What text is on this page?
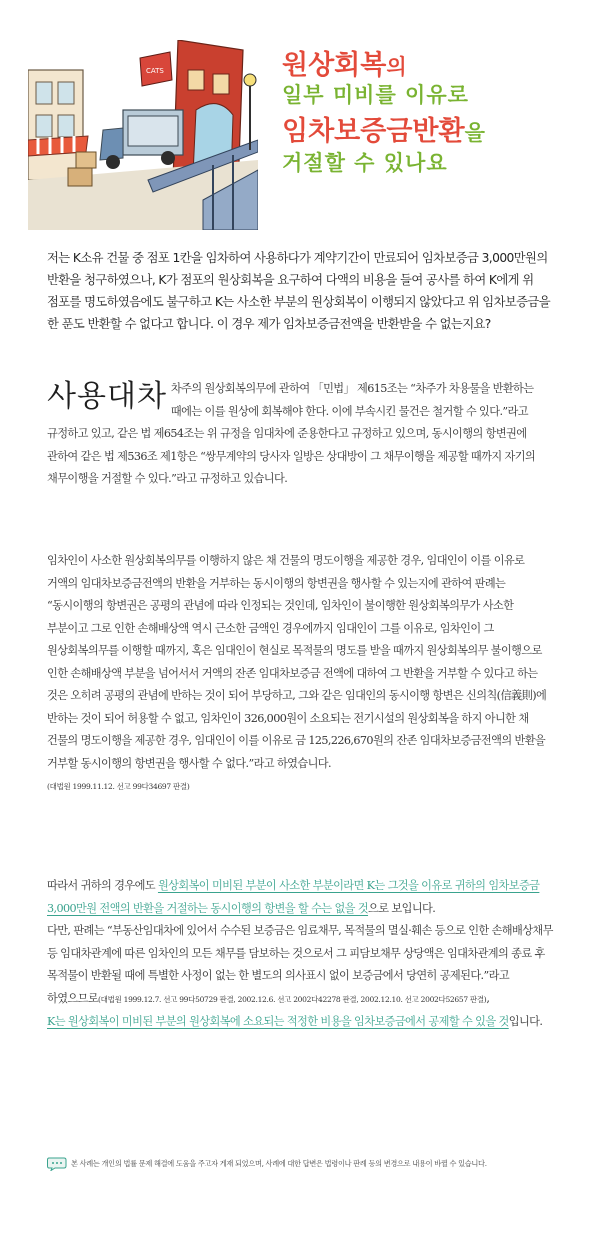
CATS	원상회복의
일부 미비를 이유로
임차보증금반환을
거절할 수 있나요
저는 K소유 건물 중 점포 1칸을 임차하여 사용하다가 계약기간이 만료되어 임차보증금 3,000만원의 반환을 청구하였으나, K가 점포의 원상회복을 요구하여 다액의 비용을 들여 공사를 하여 K에게 위 점포를 명도하였음에도 불구하고 K는 사소한 부분의 원상회복이 이행되지 않았다고 위 임차보증금을 한 푼도 반환할 수 없다고 합니다. 이 경우 제가 임차보증금전액을 반환받을 수 없는지요?
사용대차 차주의 원상회복의무에 관하여 「민법」 제615조는 “차주가 차용물을 반환하는 때에는 이를 원상에 회복해야 한다. 이에 부속시킨 물건은 철거할 수 있다.”라고 규정하고 있고, 같은 법 제654조는 위 규정을 임대차에 준용한다고 규정하고 있으며, 동시이행의 항변권에 관하여 같은 법 제536조 제1항은 “쌍무계약의 당사자 일방은 상대방이 그 채무이행을 제공할 때까지 자기의 채무이행을 거절할 수 있다.”라고 규정하고 있습니다.
임차인이 사소한 원상회복의무를 이행하지 않은 채 건물의 명도이행을 제공한 경우, 임대인이 이를 이유로 거액의 임대차보증금전액의 반환을 거부하는 동시이행의 항변권을 행사할 수 있는지에 관하여 판례는 “동시이행의 항변권은 공평의 관념에 따라 인정되는 것인데, 임차인이 불이행한 원상회복의무가 사소한 부분이고 그로 인한 손해배상액 역시 근소한 금액인 경우에까지 임대인이 그를 이유로, 임차인이 그 원상회복의무를 이행할 때까지, 혹은 임대인이 현실로 목적물의 명도를 받을 때까지 원상회복의무 불이행으로 인한 손해배상액 부분을 넘어서서 거액의 잔존 임대차보증금 전액에 대하여 그 반환을 거부할 수 있다고 하는 것은 오히려 공평의 관념에 반하는 것이 되어 부당하고, 그와 같은 임대인의 동시이행 항변은 신의칙(信義則)에 반하는 것이 되어 허용할 수 없고, 임차인이 326,000원이 소요되는 전기시설의 원상회복을 하지 아니한 채 건물의 명도이행을 제공한 경우, 임대인이 이를 이유로 금 125,226,670원의 잔존 임대차보증금전액의 반환을 거부할 동시이행의 항변권을 행사할 수 없다.”라고 하였습니다.
(대법원 1999.11.12. 선고 99다34697 판결)
따라서 귀하의 경우에도 원상회복이 미비된 부분이 사소한 부분이라면 K는 그것을 이유로 귀하의 임차보증금 3,000만원 전액의 반환을 거절하는 동시이행의 항변을 할 수는 없을 것으로 보입니다.
다만, 판례는 “부동산임대차에 있어서 수수된 보증금은 임료채무, 목적물의 멸실·훼손 등으로 인한 손해배상채무 등 임대차관계에 따른 임차인의 모든 채무를 담보하는 것으로서 그 피담보채무 상당액은 임대차관계의 종료 후 목적물이 반환될 때에 특별한 사정이 없는 한 별도의 의사표시 없이 보증금에서 당연히 공제된다.”라고 하였으므로(대법원 1999.12.7. 선고 99다50729 판결, 2002.12.6. 선고 2002다42278 판결, 2002.12.10. 선고 2002다52657 판결),
K는 원상회복이 미비된 부분의 원상회복에 소요되는 적정한 비용을 임차보증금에서 공제할 수 있을 것입니다.
본 사례는 개인의 법률 문제 해결에 도움을 주고자 게재 되었으며, 사례에 대한 답변은 법령이나 판례 등의 변경으로 내용이 바뀔 수 있습니다.
